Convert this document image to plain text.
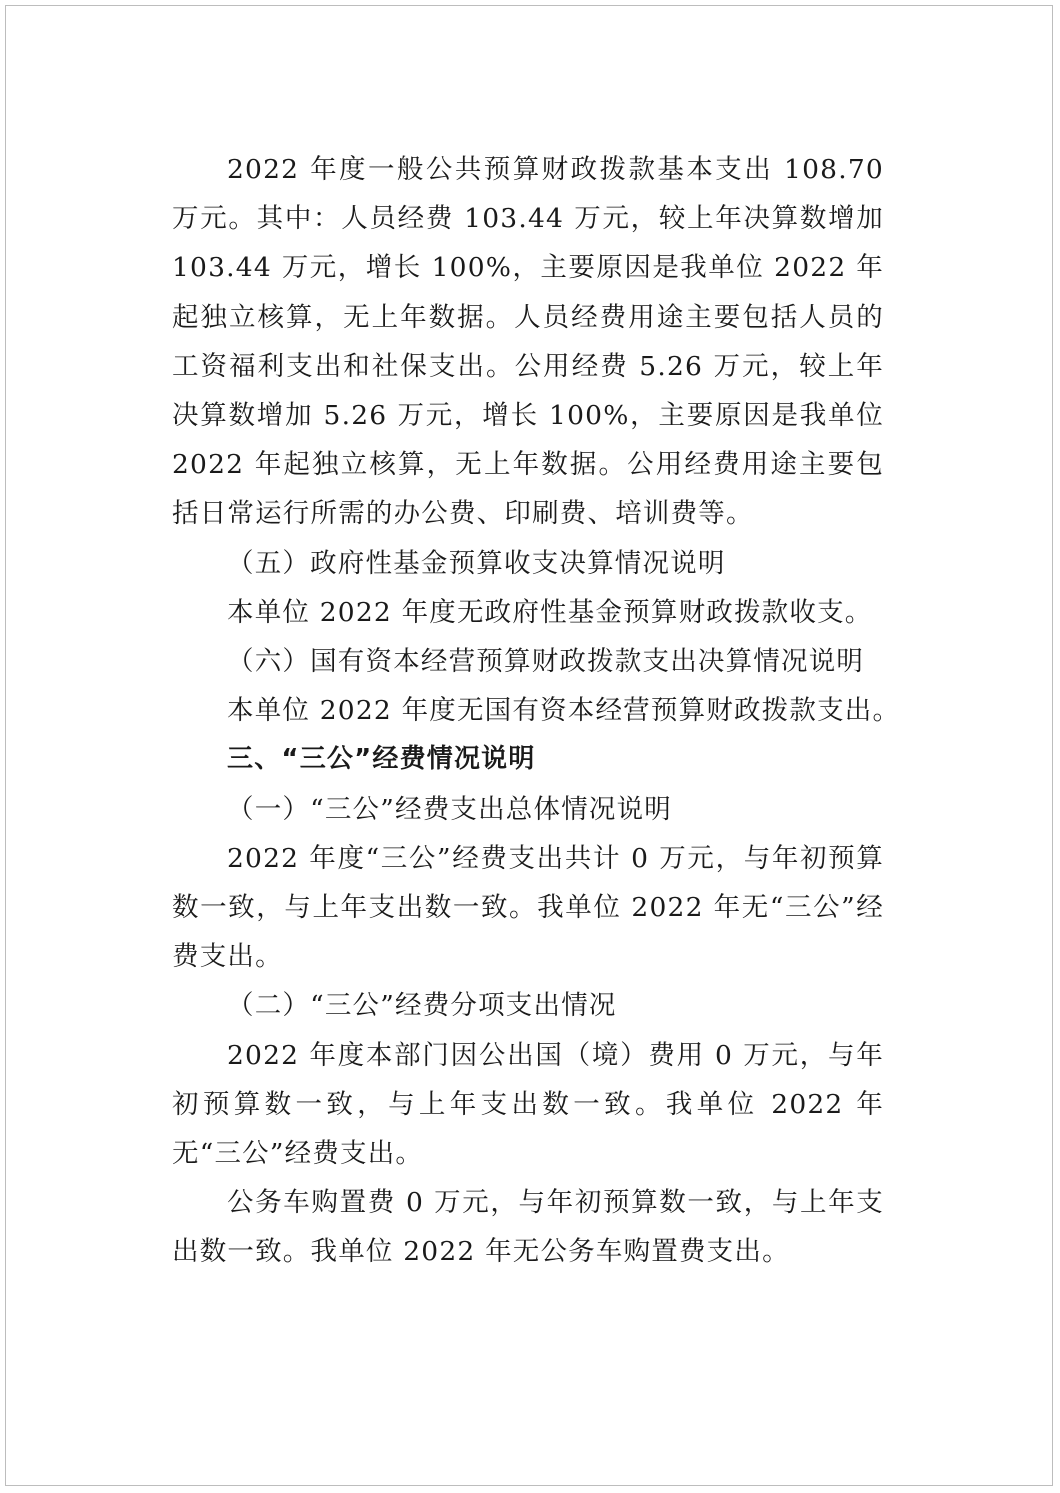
2022 年度一般公共预算财政拨款基本支出 108.70 万元。其中：人员经费 103.44 万元，较上年决算数增加 103.44 万元，增长 100%，主要原因是我单位 2022 年起独立核算，无上年数据。人员经费用途主要包括人员的工资福利支出和社保支出。公用经费 5.26 万元，较上年决算数增加 5.26 万元，增长 100%，主要原因是我单位 2022 年起独立核算，无上年数据。公用经费用途主要包括日常运行所需的办公费、印刷费、培训费等。

（五）政府性基金预算收支决算情况说明

本单位 2022 年度无政府性基金预算财政拨款收支。

（六）国有资本经营预算财政拨款支出决算情况说明

本单位 2022 年度无国有资本经营预算财政拨款支出。

三、“三公”经费情况说明

（一）“三公”经费支出总体情况说明

2022 年度“三公”经费支出共计 0 万元，与年初预算数一致，与上年支出数一致。我单位 2022 年无“三公”经费支出。

（二）“三公”经费分项支出情况

2022 年度本部门因公出国（境）费用 0 万元，与年初预算数一致，与上年支出数一致。我单位 2022 年无“三公”经费支出。

公务车购置费 0 万元，与年初预算数一致，与上年支出数一致。我单位 2022 年无公务车购置费支出。
